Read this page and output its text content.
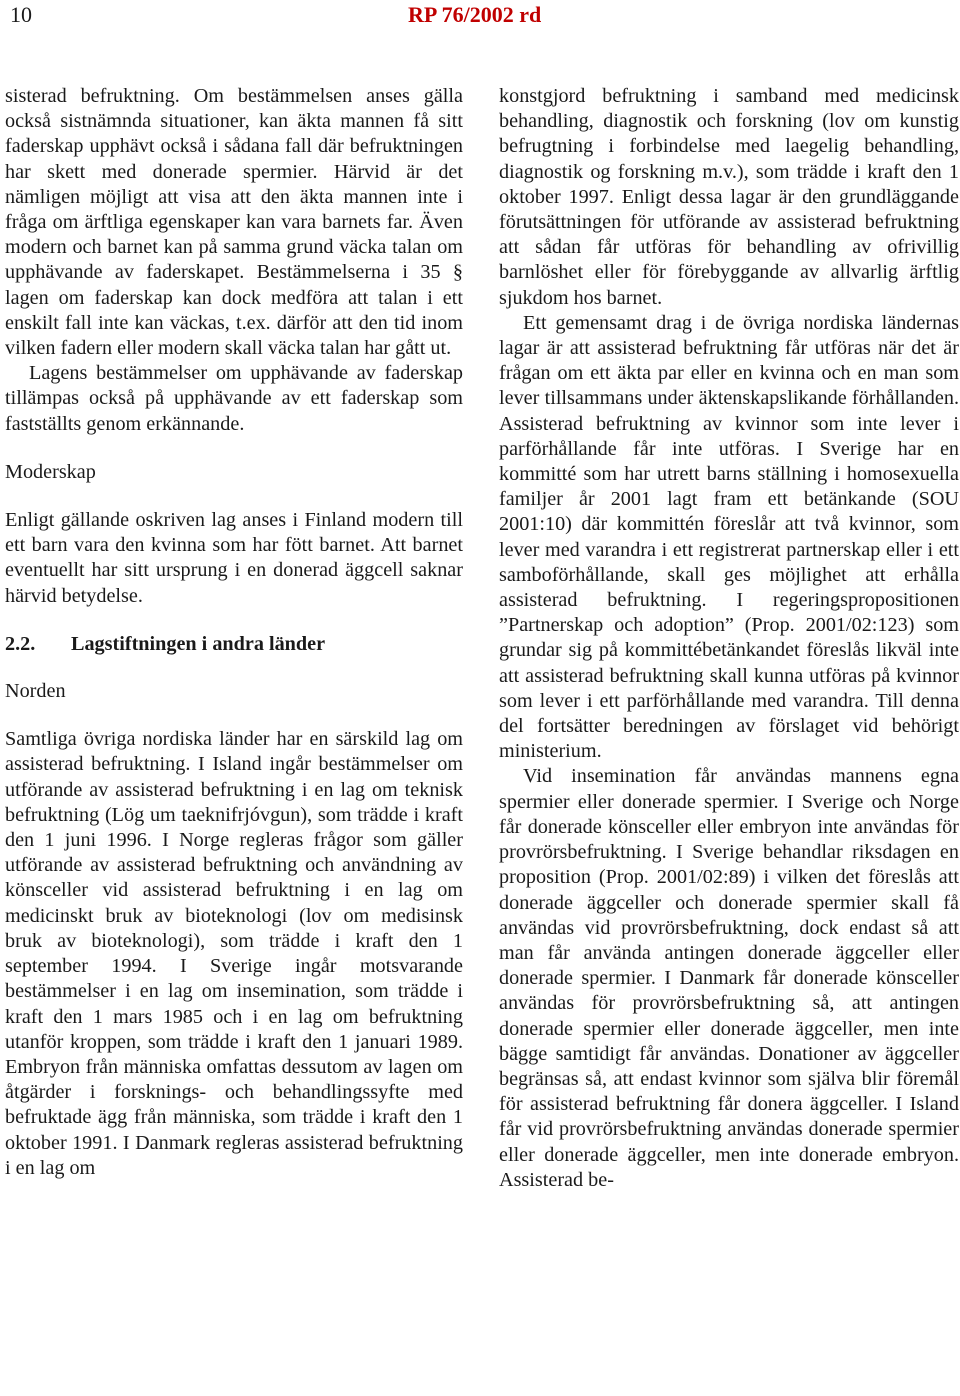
10	RP 76/2002 rd

sisterad befruktning. Om bestämmelsen anses gälla också sistnämnda situationer, kan äkta mannen få sitt faderskap upphävt också i sådana fall där befruktningen har skett med donerade spermier. Härvid är det nämligen möjligt att visa att den äkta mannen inte i fråga om ärftliga egenskaper kan vara barnets far. Även modern och barnet kan på samma grund väcka talan om upphävande av faderskapet. Bestämmelserna i 35 § lagen om faderskap kan dock medföra att talan i ett enskilt fall inte kan väckas, t.ex. därför att den tid inom vilken fadern eller modern skall väcka talan har gått ut.

Lagens bestämmelser om upphävande av faderskap tillämpas också på upphävande av ett faderskap som fastställts genom erkännande.

Moderskap

Enligt gällande oskriven lag anses i Finland modern till ett barn vara den kvinna som har fött barnet. Att barnet eventuellt har sitt ursprung i en donerad äggcell saknar härvid betydelse.

2.2.	Lagstiftningen i andra länder
Norden

Samtliga övriga nordiska länder har en särskild lag om assisterad befruktning. I Island ingår bestämmelser om utförande av assisterad befruktning i en lag om teknisk befruktning (Lög um taeknifrjóvgun), som trädde i kraft den 1 juni 1996. I Norge regleras frågor som gäller utförande av assisterad befruktning och användning av könsceller vid assisterad befruktning i en lag om medicinskt bruk av bioteknologi (lov om medisinsk bruk av bioteknologi), som trädde i kraft den 1 september 1994. I Sverige ingår motsvarande bestämmelser i en lag om insemination, som trädde i kraft den 1 mars 1985 och i en lag om befruktning utanför kroppen, som trädde i kraft den 1 januari 1989. Embryon från människa omfattas dessutom av lagen om åtgärder i forsknings- och behandlingssyfte med befruktade ägg från människa, som trädde i kraft den 1 oktober 1991. I Danmark regleras assisterad befruktning i en lag om

konstgjord befruktning i samband med medicinsk behandling, diagnostik och forskning (lov om kunstig befrugtning i forbindelse med laegelig behandling, diagnostik og forskning m.v.), som trädde i kraft den 1 oktober 1997. Enligt dessa lagar är den grundläggande förutsättningen för utförande av assisterad befruktning att sådan får utföras för behandling av ofrivillig barnlöshet eller för förebyggande av allvarlig ärftlig sjukdom hos barnet.

Ett gemensamt drag i de övriga nordiska ländernas lagar är att assisterad befruktning får utföras när det är frågan om ett äkta par eller en kvinna och en man som lever tillsammans under äktenskapslikande förhållanden. Assisterad befruktning av kvinnor som inte lever i parförhållande får inte utföras. I Sverige har en kommitté som har utrett barns ställning i homosexuella familjer år 2001 lagt fram ett betänkande (SOU 2001:10) där kommittén föreslår att två kvinnor, som lever med varandra i ett registrerat partnerskap eller i ett samboförhållande, skall ges möjlighet att erhålla assisterad befruktning. I regeringspropositionen ”Partnerskap och adoption” (Prop. 2001/02:123) som grundar sig på kommittébetänkandet föreslås likväl inte att assisterad befruktning skall kunna utföras på kvinnor som lever i ett parförhållande med varandra. Till denna del fortsätter beredningen av förslaget vid behörigt ministerium.

Vid insemination får användas mannens egna spermier eller donerade spermier. I Sverige och Norge får donerade könsceller eller embryon inte användas för provrörsbefruktning. I Sverige behandlar riksdagen en proposition (Prop. 2001/02:89) i vilken det föreslås att donerade äggceller och donerade spermier skall få användas vid provrörsbefruktning, dock endast så att man får använda antingen donerade äggceller eller donerade spermier. I Danmark får donerade könsceller användas för provrörsbefruktning så, att antingen donerade spermier eller donerade äggceller, men inte bägge samtidigt får användas. Donationer av äggceller begränsas så, att endast kvinnor som själva blir föremål för assisterad befruktning får donera äggceller. I Island får vid provrörsbefruktning användas donerade spermier eller donerade äggceller, men inte donerade embryon. Assisterad be-
